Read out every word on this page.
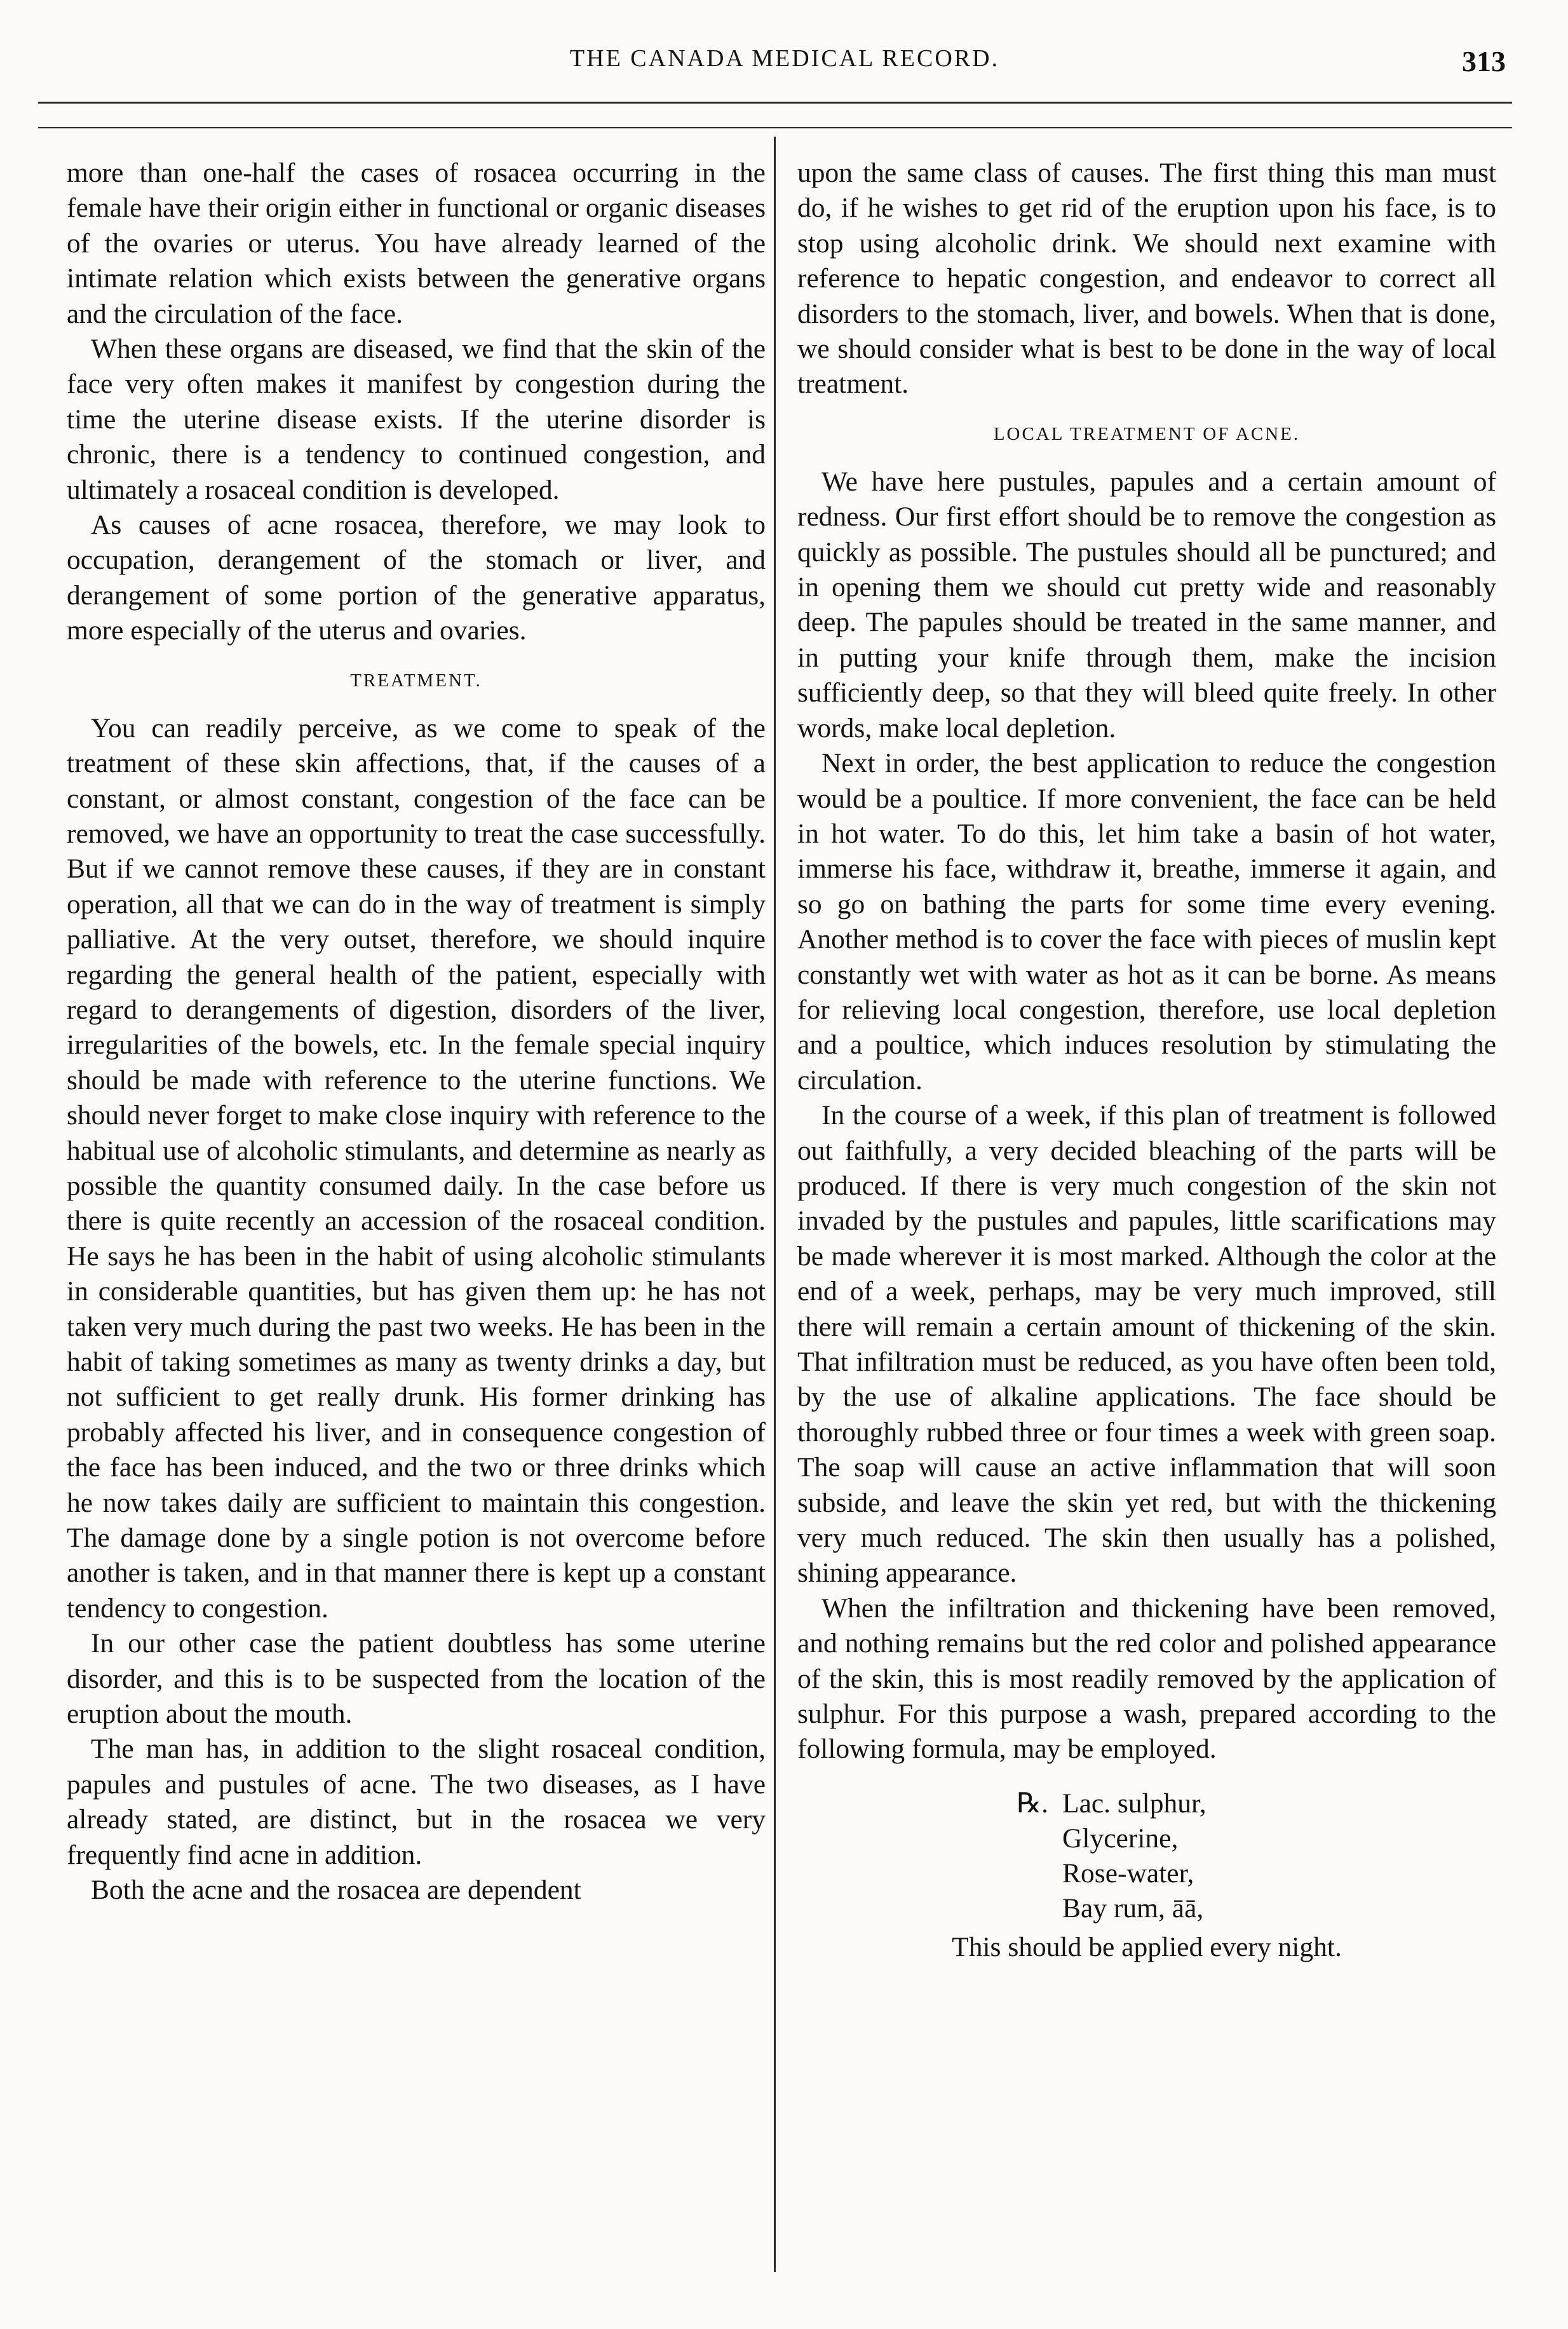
THE CANADA MEDICAL RECORD.	313

more than one-half the cases of rosacea occurring in the female have their origin either in functional or organic diseases of the ovaries or uterus. You have already learned of the intimate relation which exists between the generative organs and the circulation of the face.

When these organs are diseased, we find that the skin of the face very often makes it manifest by congestion during the time the uterine disease exists. If the uterine disorder is chronic, there is a tendency to continued congestion, and ultimately a rosaceal condition is developed.

As causes of acne rosacea, therefore, we may look to occupation, derangement of the stomach or liver, and derangement of some portion of the generative apparatus, more especially of the uterus and ovaries.

TREATMENT.

You can readily perceive, as we come to speak of the treatment of these skin affections, that, if the causes of a constant, or almost constant, congestion of the face can be removed, we have an opportunity to treat the case successfully. But if we cannot remove these causes, if they are in constant operation, all that we can do in the way of treatment is simply palliative. At the very outset, therefore, we should inquire regarding the general health of the patient, especially with regard to derangements of digestion, disorders of the liver, irregularities of the bowels, etc. In the female special inquiry should be made with reference to the uterine functions. We should never forget to make close inquiry with reference to the habitual use of alcoholic stimulants, and determine as nearly as possible the quantity consumed daily. In the case before us there is quite recently an accession of the rosaceal condition. He says he has been in the habit of using alcoholic stimulants in considerable quantities, but has given them up: he has not taken very much during the past two weeks. He has been in the habit of taking sometimes as many as twenty drinks a day, but not sufficient to get really drunk. His former drinking has probably affected his liver, and in consequence congestion of the face has been induced, and the two or three drinks which he now takes daily are sufficient to maintain this congestion. The damage done by a single potion is not overcome before another is taken, and in that manner there is kept up a constant tendency to congestion.

In our other case the patient doubtless has some uterine disorder, and this is to be suspected from the location of the eruption about the mouth.

The man has, in addition to the slight rosaceal condition, papules and pustules of acne. The two diseases, as I have already stated, are distinct, but in the rosacea we very frequently find acne in addition.

Both the acne and the rosacea are dependent

upon the same class of causes. The first thing this man must do, if he wishes to get rid of the eruption upon his face, is to stop using alcoholic drink. We should next examine with reference to hepatic congestion, and endeavor to correct all disorders to the stomach, liver, and bowels. When that is done, we should consider what is best to be done in the way of local treatment.

LOCAL TREATMENT OF ACNE.

We have here pustules, papules and a certain amount of redness. Our first effort should be to remove the congestion as quickly as possible. The pustules should all be punctured; and in opening them we should cut pretty wide and reasonably deep. The papules should be treated in the same manner, and in putting your knife through them, make the incision sufficiently deep, so that they will bleed quite freely. In other words, make local depletion.

Next in order, the best application to reduce the congestion would be a poultice. If more convenient, the face can be held in hot water. To do this, let him take a basin of hot water, immerse his face, withdraw it, breathe, immerse it again, and so go on bathing the parts for some time every evening. Another method is to cover the face with pieces of muslin kept constantly wet with water as hot as it can be borne. As means for relieving local congestion, therefore, use local depletion and a poultice, which induces resolution by stimulating the circulation.

In the course of a week, if this plan of treatment is followed out faithfully, a very decided bleaching of the parts will be produced. If there is very much congestion of the skin not invaded by the pustules and papules, little scarifications may be made wherever it is most marked. Although the color at the end of a week, perhaps, may be very much improved, still there will remain a certain amount of thickening of the skin. That infiltration must be reduced, as you have often been told, by the use of alkaline applications. The face should be thoroughly rubbed three or four times a week with green soap. The soap will cause an active inflammation that will soon subside, and leave the skin yet red, but with the thickening very much reduced. The skin then usually has a polished, shining appearance.

When the infiltration and thickening have been removed, and nothing remains but the red color and polished appearance of the skin, this is most readily removed by the application of sulphur. For this purpose a wash, prepared according to the following formula, may be employed.

℞. Lac. sulphur,
Glycerine,
Rose-water,
Bay rum, āā,

This should be applied every night.
